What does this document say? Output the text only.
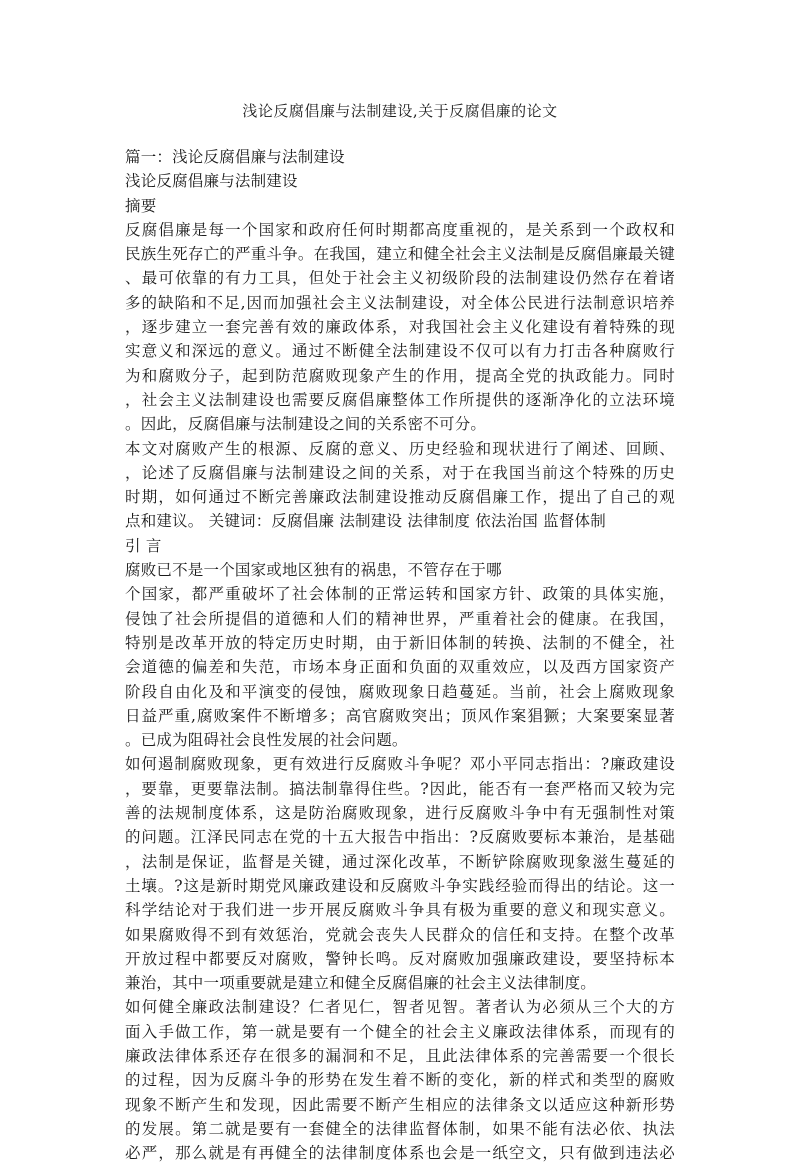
浅论反腐倡廉与法制建设,关于反腐倡廉的论文
篇一：浅论反腐倡廉与法制建设
浅论反腐倡廉与法制建设
摘要
反腐倡廉是每一个国家和政府任何时期都高度重视的，是关系到一个政权和
民族生死存亡的严重斗争。在我国，建立和健全社会主义法制是反腐倡廉最关键
、最可依靠的有力工具，但处于社会主义初级阶段的法制建设仍然存在着诸
多的缺陷和不足,因而加强社会主义法制建设，对全体公民进行法制意识培养
，逐步建立一套完善有效的廉政体系，对我国社会主义化建设有着特殊的现
实意义和深远的意义。通过不断健全法制建设不仅可以有力打击各种腐败行
为和腐败分子，起到防范腐败现象产生的作用，提高全党的执政能力。同时
，社会主义法制建设也需要反腐倡廉整体工作所提供的逐渐净化的立法环境
。因此，反腐倡廉与法制建设之间的关系密不可分。
本文对腐败产生的根源、反腐的意义、历史经验和现状进行了阐述、回顾、
，论述了反腐倡廉与法制建设之间的关系，对于在我国当前这个特殊的历史
时期，如何通过不断完善廉政法制建设推动反腐倡廉工作，提出了自己的观
点和建议。 关键词：反腐倡廉 法制建设 法律制度 依法治国 监督体制
引 言
腐败已不是一个国家或地区独有的祸患，不管存在于哪
个国家，都严重破坏了社会体制的正常运转和国家方针、政策的具体实施，
侵蚀了社会所提倡的道德和人们的精神世界，严重着社会的健康。在我国，
特别是改革开放的特定历史时期，由于新旧体制的转换、法制的不健全，社
会道德的偏差和失范，市场本身正面和负面的双重效应，以及西方国家资产
阶段自由化及和平演变的侵蚀，腐败现象日趋蔓延。当前，社会上腐败现象
日益严重,腐败案件不断增多；高官腐败突出；顶风作案猖獗；大案要案显著
。已成为阻碍社会良性发展的社会问题。
如何遏制腐败现象，更有效进行反腐败斗争呢？邓小平同志指出：?廉政建设
，要靠，更要靠法制。搞法制靠得住些。?因此，能否有一套严格而又较为完
善的法规制度体系，这是防治腐败现象，进行反腐败斗争中有无强制性对策
的问题。江泽民同志在党的十五大报告中指出：?反腐败要标本兼治，是基础
，法制是保证，监督是关键，通过深化改革，不断铲除腐败现象滋生蔓延的
土壤。?这是新时期党风廉政建设和反腐败斗争实践经验而得出的结论。这一
科学结论对于我们进一步开展反腐败斗争具有极为重要的意义和现实意义。
如果腐败得不到有效惩治，党就会丧失人民群众的信任和支持。在整个改革
开放过程中都要反对腐败，警钟长鸣。反对腐败加强廉政建设，要坚持标本
兼治，其中一项重要就是建立和健全反腐倡廉的社会主义法律制度。
如何健全廉政法制建设？仁者见仁，智者见智。著者认为必须从三个大的方
面入手做工作，第一就是要有一个健全的社会主义廉政法律体系，而现有的
廉政法律体系还存在很多的漏洞和不足，且此法律体系的完善需要一个很长
的过程，因为反腐斗争的形势在发生着不断的变化，新的样式和类型的腐败
现象不断产生和发现，因此需要不断产生相应的法律条文以适应这种新形势
的发展。第二就是要有一套健全的法律监督体制，如果不能有法必依、执法
必严，那么就是有再健全的法律制度体系也会是一纸空文，只有做到违法必
